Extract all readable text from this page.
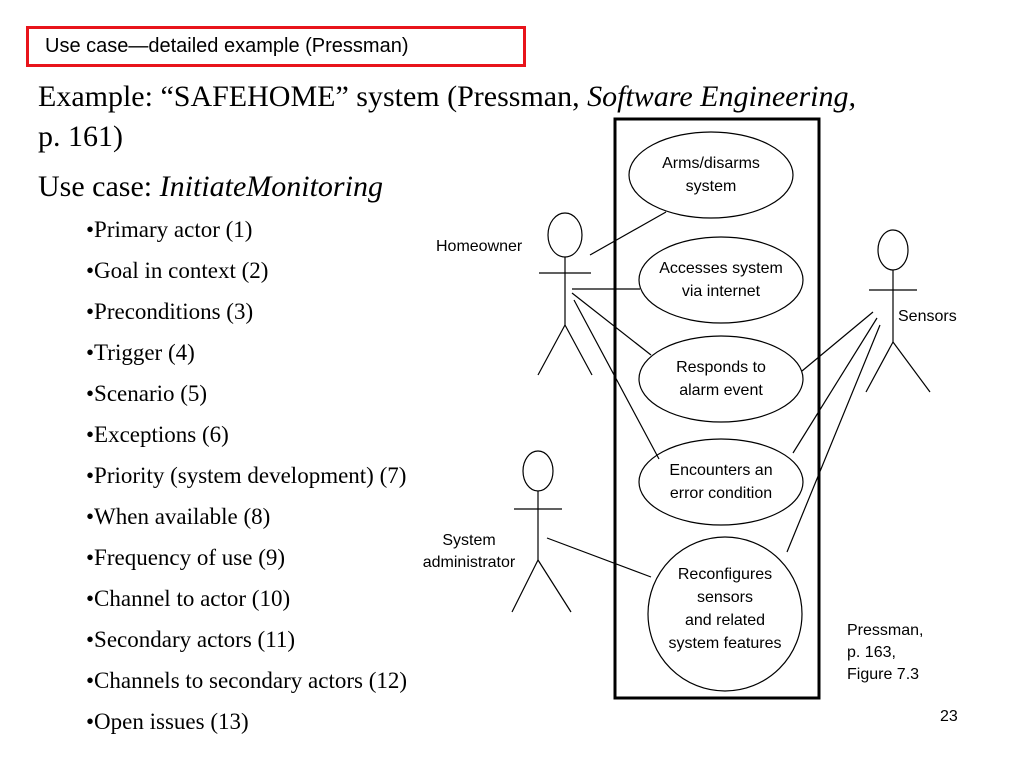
Use case—detailed example (Pressman)
Example: “SAFEHOME” system (Pressman, Software Engineering,
p. 161)
Use case: InitiateMonitoring
•Primary actor (1)
•Goal in context (2)
•Preconditions (3)
•Trigger (4)
•Scenario (5)
•Exceptions (6)
•Priority (system development) (7)
•When available (8)
•Frequency of use (9)
•Channel to actor (10)
•Secondary actors (11)
•Channels to secondary actors (12)
•Open issues (13)
Homeowner
Sensors
System
administrator
Arms/disarms
system
Accesses system
via internet
Responds to
alarm event
Encounters an
error condition
Reconfigures
sensors
and related
system features
Pressman,
p. 163,
Figure 7.3
23
